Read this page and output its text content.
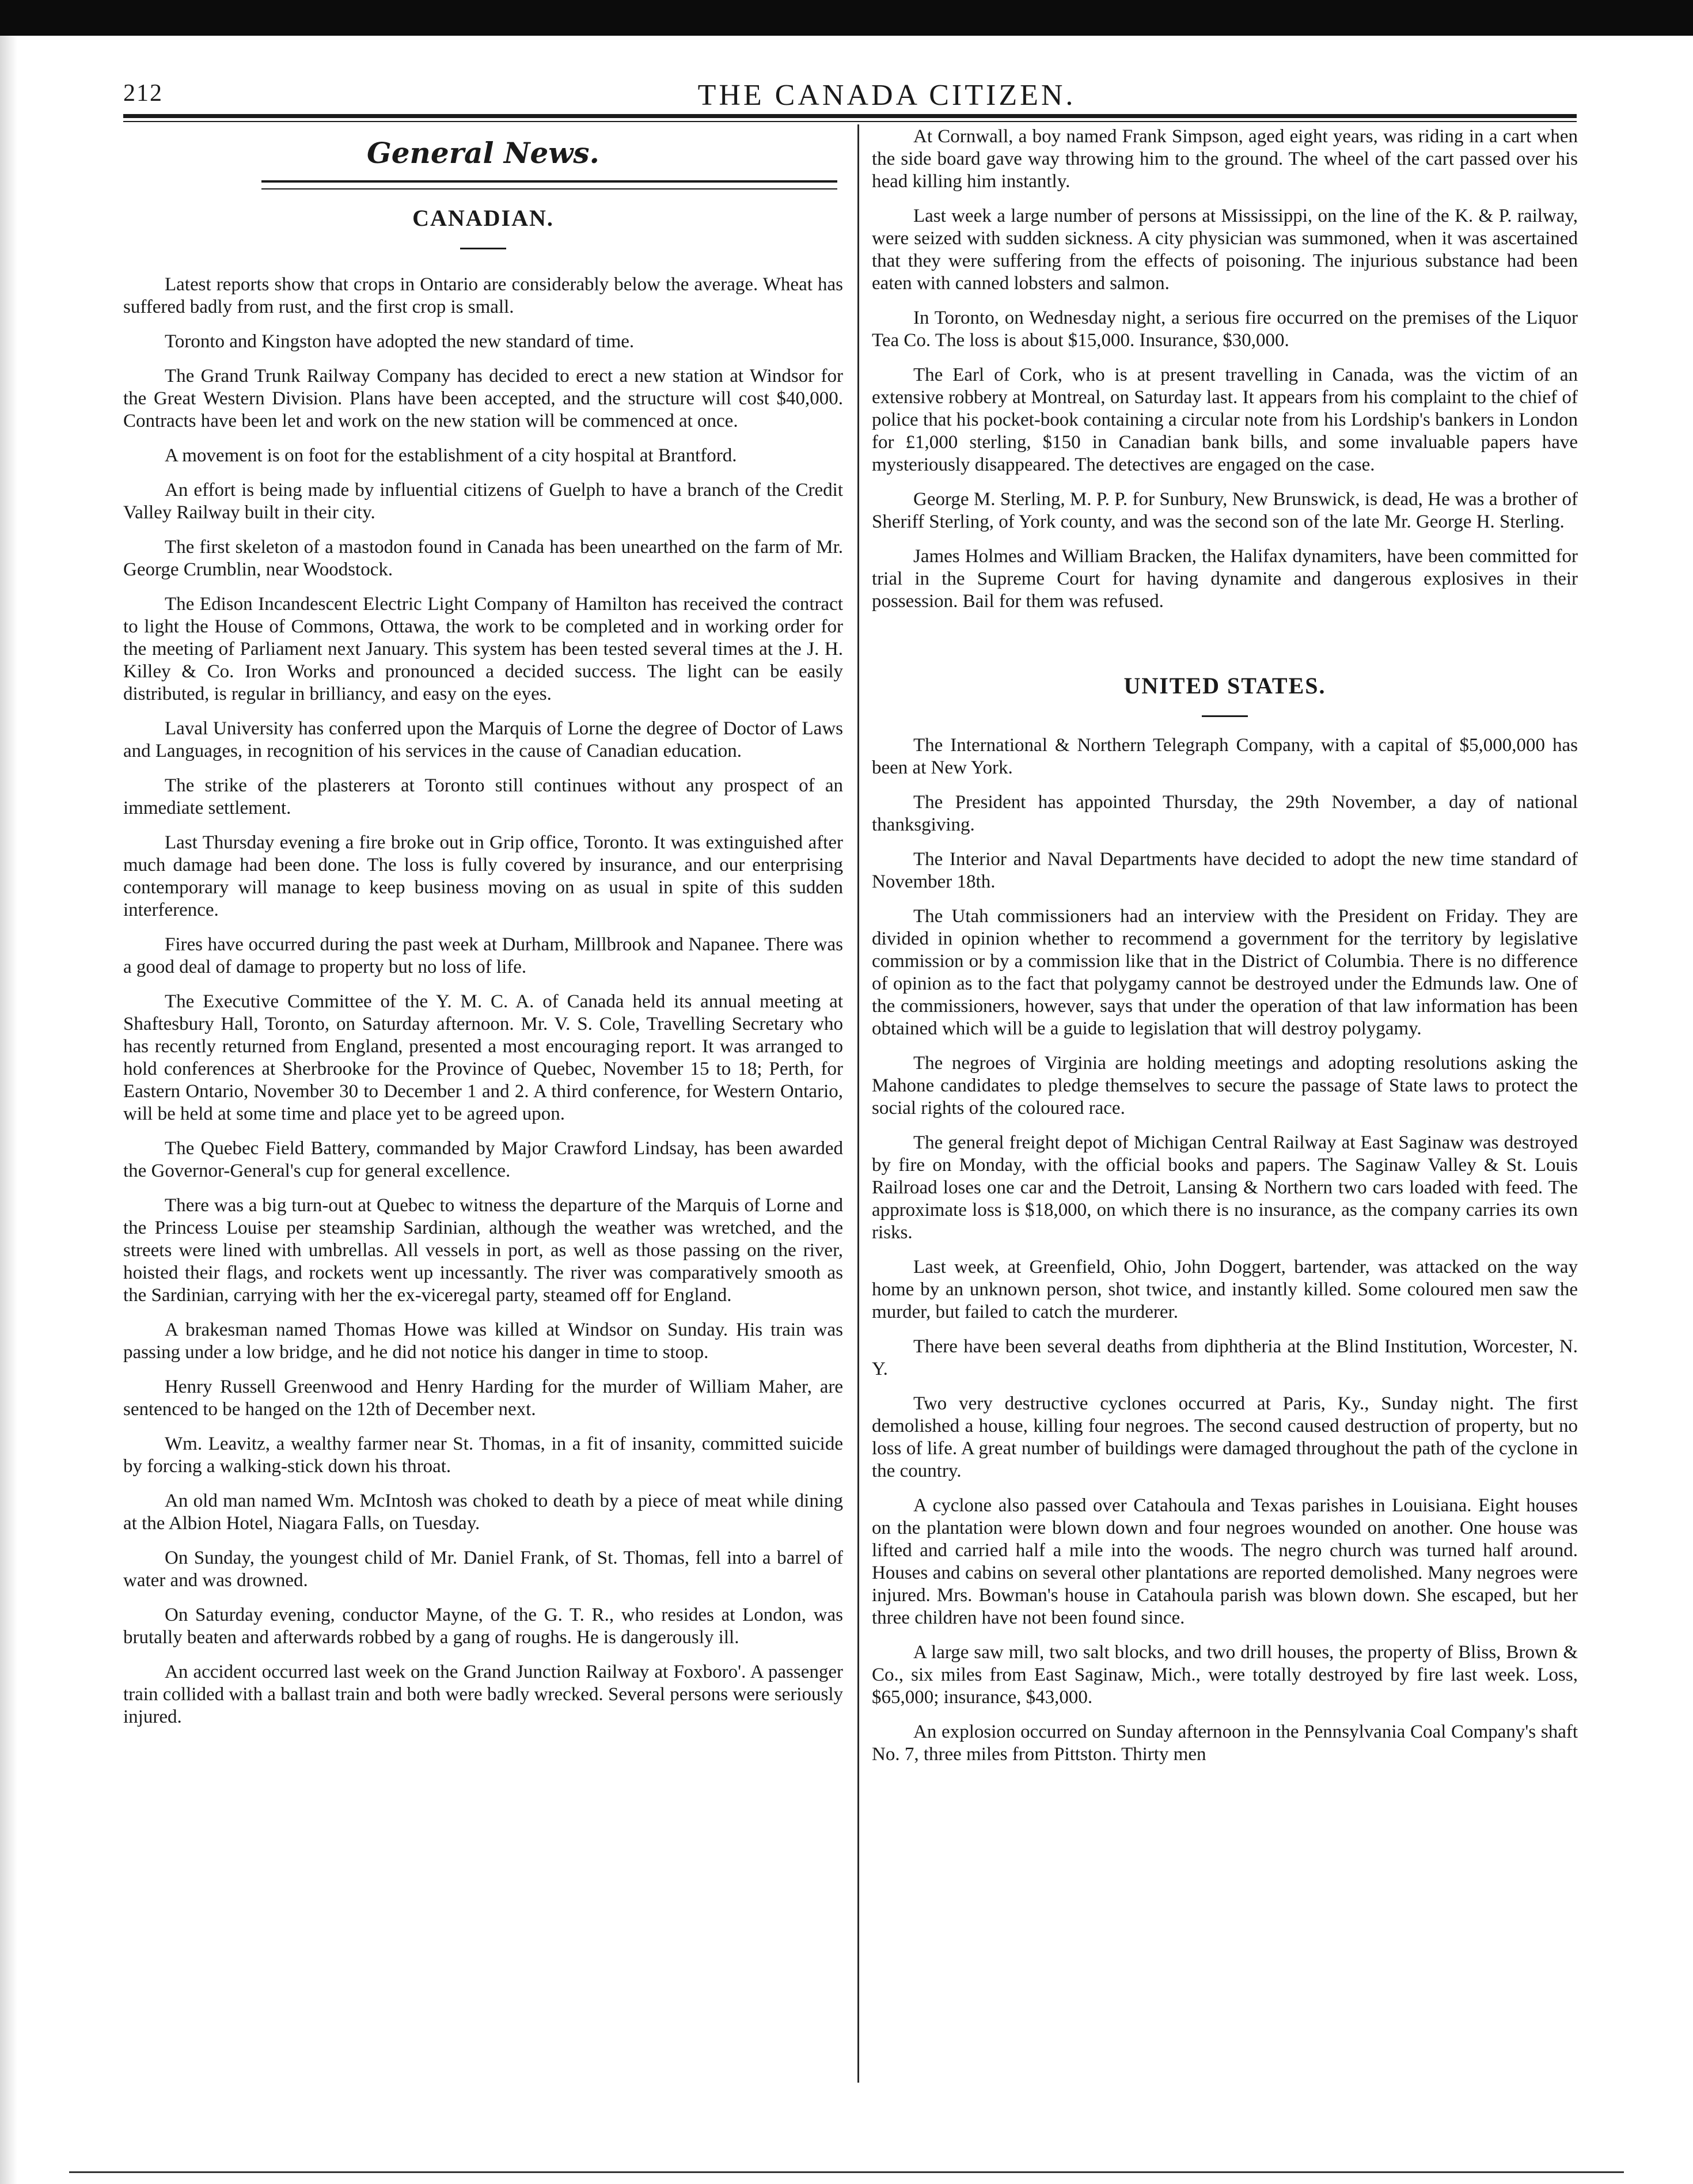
212	THE CANADA CITIZEN.
General News.
CANADIAN.

Latest reports show that crops in Ontario are considerably below the average. Wheat has suffered badly from rust, and the first crop is small.

Toronto and Kingston have adopted the new standard of time.

The Grand Trunk Railway Company has decided to erect a new station at Windsor for the Great Western Division. Plans have been accepted, and the structure will cost $40,000. Contracts have been let and work on the new station will be commenced at once.

A movement is on foot for the establishment of a city hospital at Brantford.

An effort is being made by influential citizens of Guelph to have a branch of the Credit Valley Railway built in their city.

The first skeleton of a mastodon found in Canada has been unearthed on the farm of Mr. George Crumblin, near Woodstock.

The Edison Incandescent Electric Light Company of Hamilton has received the contract to light the House of Commons, Ottawa, the work to be completed and in working order for the meeting of Parliament next January. This system has been tested several times at the J. H. Killey & Co. Iron Works and pronounced a decided success. The light can be easily distributed, is regular in brilliancy, and easy on the eyes.

Laval University has conferred upon the Marquis of Lorne the degree of Doctor of Laws and Languages, in recognition of his services in the cause of Canadian education.

The strike of the plasterers at Toronto still continues without any prospect of an immediate settlement.

Last Thursday evening a fire broke out in Grip office, Toronto. It was extinguished after much damage had been done. The loss is fully covered by insurance, and our enterprising contemporary will manage to keep business moving on as usual in spite of this sudden interference.

Fires have occurred during the past week at Durham, Millbrook and Napanee. There was a good deal of damage to property but no loss of life.

The Executive Committee of the Y. M. C. A. of Canada held its annual meeting at Shaftesbury Hall, Toronto, on Saturday afternoon. Mr. V. S. Cole, Travelling Secretary who has recently returned from England, presented a most encouraging report. It was arranged to hold conferences at Sherbrooke for the Province of Quebec, November 15 to 18; Perth, for Eastern Ontario, November 30 to December 1 and 2. A third conference, for Western Ontario, will be held at some time and place yet to be agreed upon.

The Quebec Field Battery, commanded by Major Crawford Lindsay, has been awarded the Governor-General's cup for general excellence.

There was a big turn-out at Quebec to witness the departure of the Marquis of Lorne and the Princess Louise per steamship Sardinian, although the weather was wretched, and the streets were lined with umbrellas. All vessels in port, as well as those passing on the river, hoisted their flags, and rockets went up incessantly. The river was comparatively smooth as the Sardinian, carrying with her the ex-viceregal party, steamed off for England.

A brakesman named Thomas Howe was killed at Windsor on Sunday. His train was passing under a low bridge, and he did not notice his danger in time to stoop.

Henry Russell Greenwood and Henry Harding for the murder of William Maher, are sentenced to be hanged on the 12th of December next.

Wm. Leavitz, a wealthy farmer near St. Thomas, in a fit of insanity, committed suicide by forcing a walking-stick down his throat.

An old man named Wm. McIntosh was choked to death by a piece of meat while dining at the Albion Hotel, Niagara Falls, on Tuesday.

On Sunday, the youngest child of Mr. Daniel Frank, of St. Thomas, fell into a barrel of water and was drowned.

On Saturday evening, conductor Mayne, of the G. T. R., who resides at London, was brutally beaten and afterwards robbed by a gang of roughs. He is dangerously ill.

An accident occurred last week on the Grand Junction Railway at Foxboro'. A passenger train collided with a ballast train and both were badly wrecked. Several persons were seriously injured.

At Cornwall, a boy named Frank Simpson, aged eight years, was riding in a cart when the side board gave way throwing him to the ground. The wheel of the cart passed over his head killing him instantly.

Last week a large number of persons at Mississippi, on the line of the K. & P. railway, were seized with sudden sickness. A city physician was summoned, when it was ascertained that they were suffering from the effects of poisoning. The injurious substance had been eaten with canned lobsters and salmon.

In Toronto, on Wednesday night, a serious fire occurred on the premises of the Liquor Tea Co. The loss is about $15,000. Insurance, $30,000.

The Earl of Cork, who is at present travelling in Canada, was the victim of an extensive robbery at Montreal, on Saturday last. It appears from his complaint to the chief of police that his pocket-book containing a circular note from his Lordship's bankers in London for £1,000 sterling, $150 in Canadian bank bills, and some invaluable papers have mysteriously disappeared. The detectives are engaged on the case.

George M. Sterling, M. P. P. for Sunbury, New Brunswick, is dead, He was a brother of Sheriff Sterling, of York county, and was the second son of the late Mr. George H. Sterling.

James Holmes and William Bracken, the Halifax dynamiters, have been committed for trial in the Supreme Court for having dynamite and dangerous explosives in their possession. Bail for them was refused.

UNITED STATES.

The International & Northern Telegraph Company, with a capital of $5,000,000 has been at New York.

The President has appointed Thursday, the 29th November, a day of national thanksgiving.

The Interior and Naval Departments have decided to adopt the new time standard of November 18th.

The Utah commissioners had an interview with the President on Friday. They are divided in opinion whether to recommend a government for the territory by legislative commission or by a commission like that in the District of Columbia. There is no difference of opinion as to the fact that polygamy cannot be destroyed under the Edmunds law. One of the commissioners, however, says that under the operation of that law information has been obtained which will be a guide to legislation that will destroy polygamy.

The negroes of Virginia are holding meetings and adopting resolutions asking the Mahone candidates to pledge themselves to secure the passage of State laws to protect the social rights of the coloured race.

The general freight depot of Michigan Central Railway at East Saginaw was destroyed by fire on Monday, with the official books and papers. The Saginaw Valley & St. Louis Railroad loses one car and the Detroit, Lansing & Northern two cars loaded with feed. The approximate loss is $18,000, on which there is no insurance, as the company carries its own risks.

Last week, at Greenfield, Ohio, John Doggert, bartender, was attacked on the way home by an unknown person, shot twice, and instantly killed. Some coloured men saw the murder, but failed to catch the murderer.

There have been several deaths from diphtheria at the Blind Institution, Worcester, N. Y.

Two very destructive cyclones occurred at Paris, Ky., Sunday night. The first demolished a house, killing four negroes. The second caused destruction of property, but no loss of life. A great number of buildings were damaged throughout the path of the cyclone in the country.

A cyclone also passed over Catahoula and Texas parishes in Louisiana. Eight houses on the plantation were blown down and four negroes wounded on another. One house was lifted and carried half a mile into the woods. The negro church was turned half around. Houses and cabins on several other plantations are reported demolished. Many negroes were injured. Mrs. Bowman's house in Catahoula parish was blown down. She escaped, but her three children have not been found since.

A large saw mill, two salt blocks, and two drill houses, the property of Bliss, Brown & Co., six miles from East Saginaw, Mich., were totally destroyed by fire last week. Loss, $65,000; insurance, $43,000.

An explosion occurred on Sunday afternoon in the Pennsylvania Coal Company's shaft No. 7, three miles from Pittston. Thirty men
